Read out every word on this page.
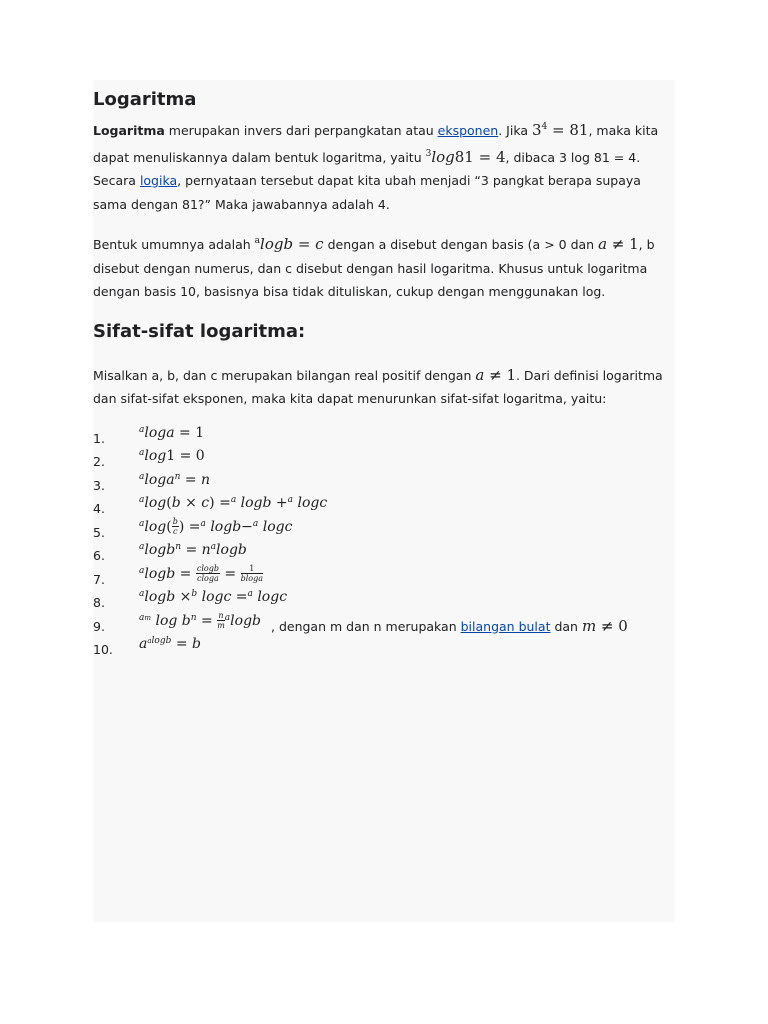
Logaritma

Logaritma merupakan invers dari perpangkatan atau eksponen. Jika $3^4 = 81$, maka kita dapat menuliskannya dalam bentuk logaritma, yaitu $^3$log81 = 4, dibaca 3 log 81 = 4. Secara logika, pernyataan tersebut dapat kita ubah menjadi “3 pangkat berapa supaya sama dengan 81?” Maka jawabannya adalah 4.

Bentuk umumnya adalah $^a$logb = c dengan a disebut dengan basis (a > 0 dan a ≠ 1, b disebut dengan numerus, dan c disebut dengan hasil logaritma. Khusus untuk logaritma dengan basis 10, basisnya bisa tidak dituliskan, cukup dengan menggunakan log.

Sifat-sifat logaritma:

Misalkan a, b, dan c merupakan bilangan real positif dengan a ≠ 1. Dari definisi logaritma dan sifat-sifat eksponen, maka kita dapat menurunkan sifat-sifat logaritma, yaitu:

1.
$^a$loga = 1
2.
$^a$log1 = 0
3.
$^a$loga$^n$ = n
4.
$^a$log(b × c) =$^a$ logb +$^a$ logc
5.
$^a\log( \frac{b}{c}$ ) =$^a$ logb−$^a$ logc
6.
$^a\log b^n = n^a\log b$
7.
$^a\log b = \frac{clogb}{cloga} = \frac{1}{bloga}$
8.
$^a$logb ×$^b$ logc =$^a$ logc
9.
$^{am}$ $\log b^n = \frac{n}{m} ^a\log b$ , dengan m dan n merupakan bilangan bulat dan m ≠ 0
10.	$a^{alogb} = b$
